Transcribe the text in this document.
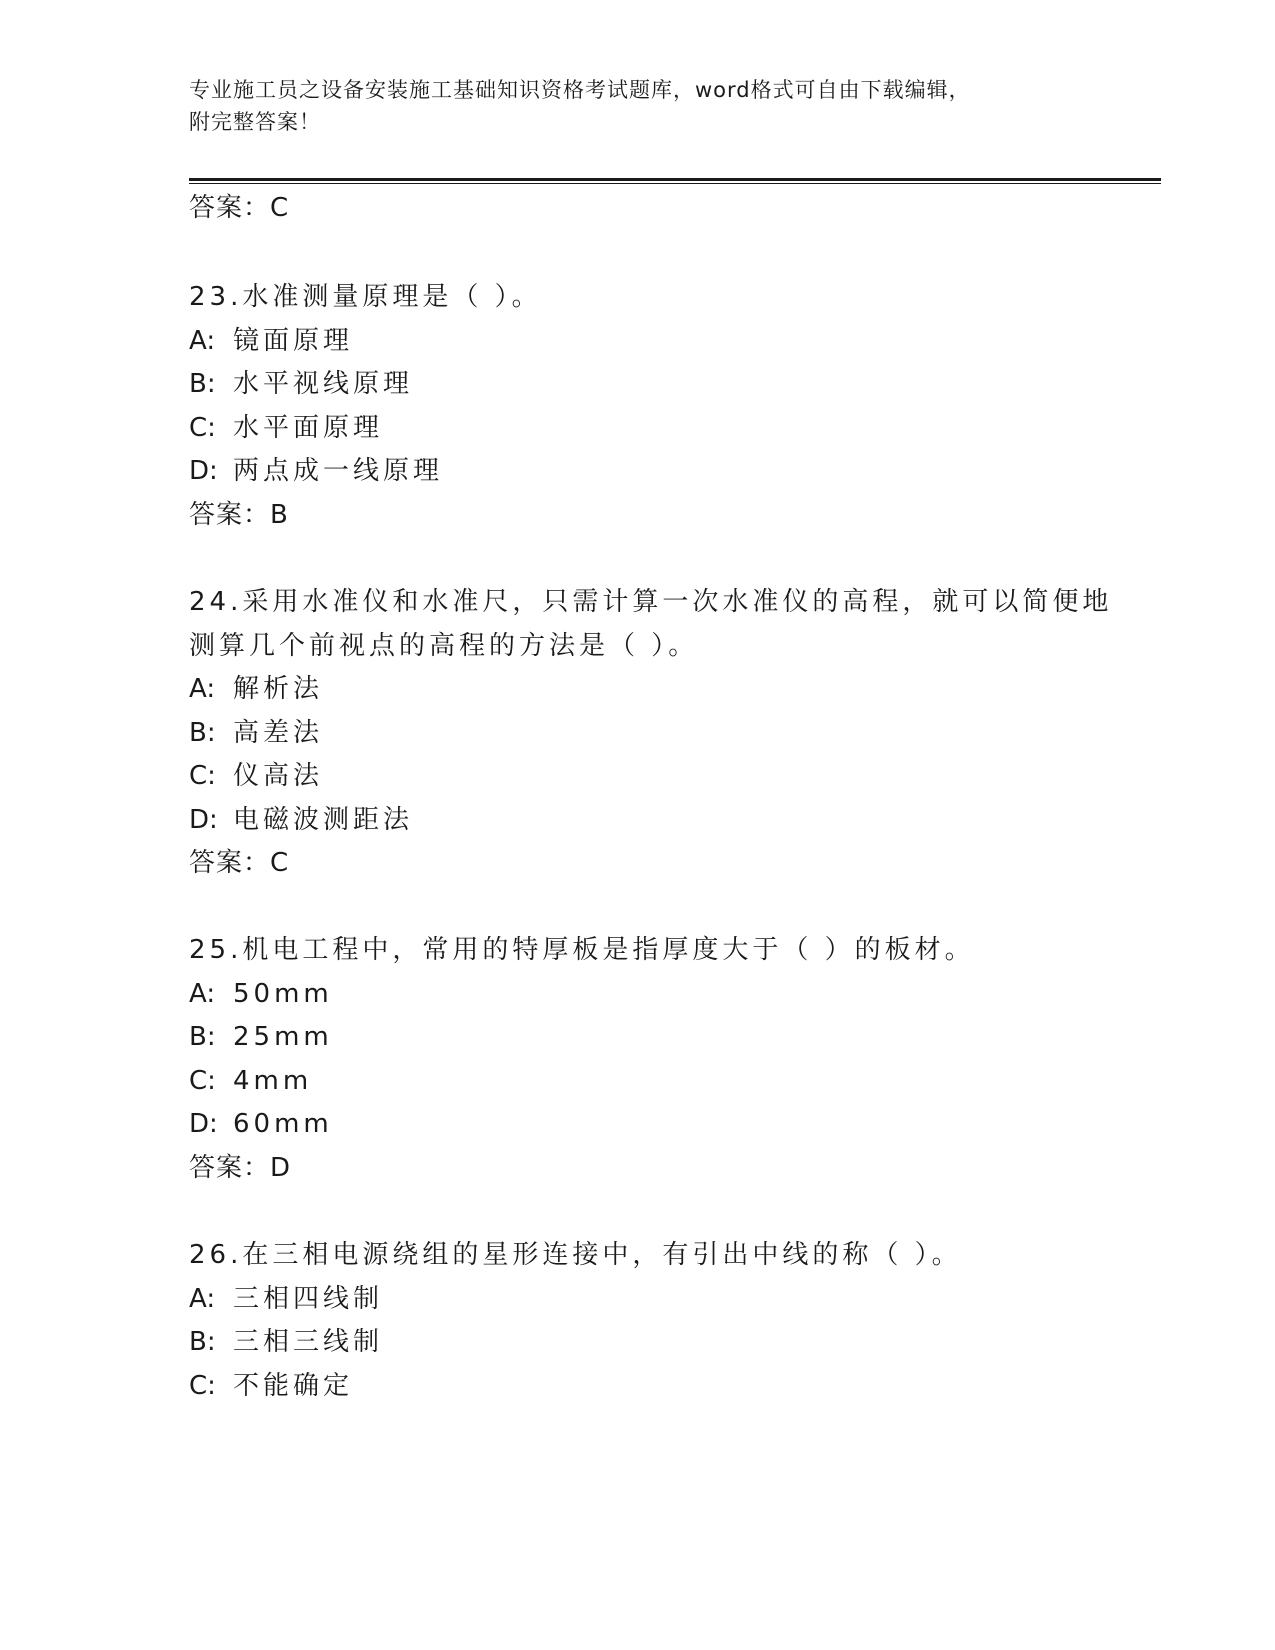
专业施工员之设备安装施工基础知识资格考试题库，word格式可自由下载编辑，
附完整答案！
答案：C
23.水准测量原理是（ ）。
A: 镜面原理
B: 水平视线原理
C: 水平面原理
D: 两点成一线原理
答案：B
24.采用水准仪和水准尺，只需计算一次水准仪的高程，就可以简便地
测算几个前视点的高程的方法是（ ）。
A: 解析法
B: 高差法
C: 仪高法
D: 电磁波测距法
答案：C
25.机电工程中，常用的特厚板是指厚度大于（ ）的板材。
A: 50mm
B: 25mm
C: 4mm
D: 60mm
答案：D
26.在三相电源绕组的星形连接中，有引出中线的称（ ）。
A: 三相四线制
B: 三相三线制
C: 不能确定
